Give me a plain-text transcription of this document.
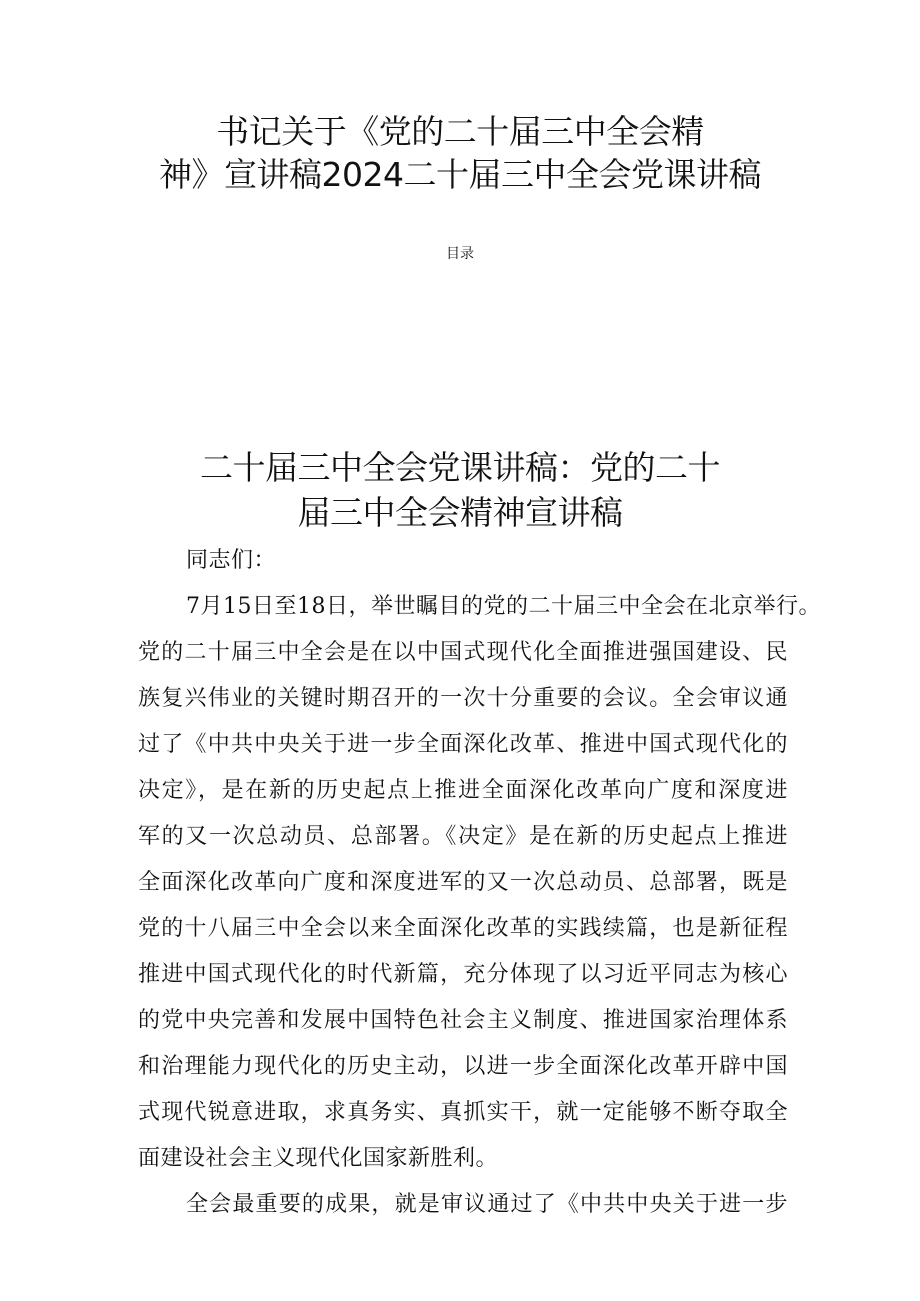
书记关于《党的二十届三中全会精
神》宣讲稿2024二十届三中全会党课讲稿
目录
二十届三中全会党课讲稿：党的二十
届三中全会精神宣讲稿
同志们：
7月15日至18日，举世瞩目的党的二十届三中全会在北京举行。
党的二十届三中全会是在以中国式现代化全面推进强国建设、民
族复兴伟业的关键时期召开的一次十分重要的会议。全会审议通
过了《中共中央关于进一步全面深化改革、推进中国式现代化的
决定》，是在新的历史起点上推进全面深化改革向广度和深度进
军的又一次总动员、总部署。《决定》是在新的历史起点上推进
全面深化改革向广度和深度进军的又一次总动员、总部署，既是
党的十八届三中全会以来全面深化改革的实践续篇，也是新征程
推进中国式现代化的时代新篇，充分体现了以习近平同志为核心
的党中央完善和发展中国特色社会主义制度、推进国家治理体系
和治理能力现代化的历史主动，以进一步全面深化改革开辟中国
式现代锐意进取，求真务实、真抓实干，就一定能够不断夺取全
面建设社会主义现代化国家新胜利。
全会最重要的成果，就是审议通过了《中共中央关于进一步
